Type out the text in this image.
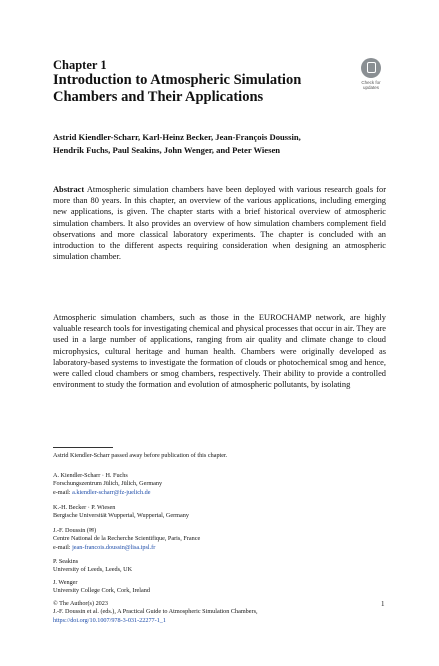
Chapter 1
Introduction to Atmospheric Simulation
Chambers and Their Applications
Check for
updates
Astrid Kiendler-Scharr, Karl-Heinz Becker, Jean-François Doussin,
Hendrik Fuchs, Paul Seakins, John Wenger, and Peter Wiesen
Abstract Atmospheric simulation chambers have been deployed with various research goals for more than 80 years. In this chapter, an overview of the various applications, including emerging new applications, is given. The chapter starts with a brief historical overview of atmospheric simulation chambers. It also provides an overview of how simulation chambers complement field observations and more classical laboratory experiments. The chapter is concluded with an introduction to the different aspects requiring consideration when designing an atmospheric simulation chamber.
Atmospheric simulation chambers, such as those in the EUROCHAMP network, are highly valuable research tools for investigating chemical and physical processes that occur in air. They are used in a large number of applications, ranging from air quality and climate change to cloud microphysics, cultural heritage and human health. Chambers were originally developed as laboratory-based systems to investigate the formation of clouds or photochemical smog and hence, were called cloud chambers or smog chambers, respectively. Their ability to provide a controlled environment to study the formation and evolution of atmospheric pollutants, by isolating
Astrid Kiendler-Scharr passed away before publication of this chapter.
A. Kiendler-Scharr · H. Fuchs
Forschungszentrum Jülich, Jülich, Germany
e-mail: a.kiendler-scharr@fz-juelich.de
K.-H. Becker · P. Wiesen
Bergische Universität Wuppertal, Wuppertal, Germany
J.-F. Doussin (✉)
Centre National de la Recherche Scientifique, Paris, France
e-mail: jean-francois.doussin@lisa.ipsl.fr
P. Seakins
University of Leeds, Leeds, UK
J. Wenger
University College Cork, Cork, Ireland
© The Author(s) 2023
J.-F. Doussin et al. (eds.), A Practical Guide to Atmospheric Simulation Chambers,
https://doi.org/10.1007/978-3-031-22277-1_1
1
